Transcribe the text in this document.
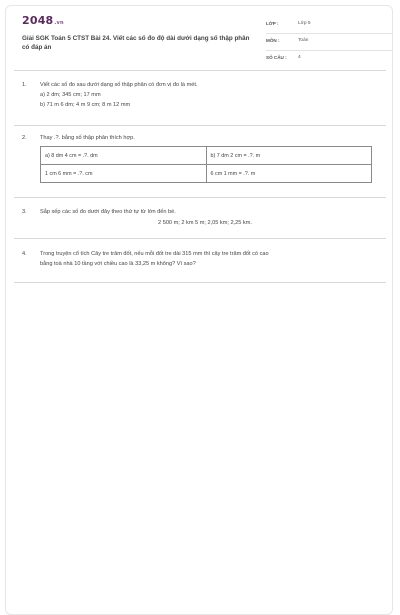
2048.vn
Giải SGK Toán 5 CTST Bài 24. Viết các số đo độ dài dưới dạng số thập phân có đáp án
LỚP :	Lớp 5
MÔN :	Toán
SỐ CÂU : 4
1.	Viết các số đo sau dưới dạng số thập phân có đơn vị đo là mét.
a) 2 dm; 345 cm; 17 mm
b) 71 m 6 dm; 4 m 9 cm; 8 m 12 mm
2.	Thay .?. bằng số thập phân thích hợp.
a) 8 dm 4 cm = .?. dm	b) 7 dm 2 cm = .?. m
1 cm 6 mm = .?. cm	6 cm 1 mm = .?. m
3.	Sắp xếp các số đo dưới đây theo thứ tự từ lớn đến bé.
2 500 m; 2 km 5 m; 2,05 km; 2,25 km.
4.	Trong truyện cổ tích Cây tre trăm đốt, nếu mỗi đốt tre dài 315 mm thì cây tre trăm đốt có cao
bằng toà nhà 10 tầng với chiều cao là 33,25 m không? Vì sao?
